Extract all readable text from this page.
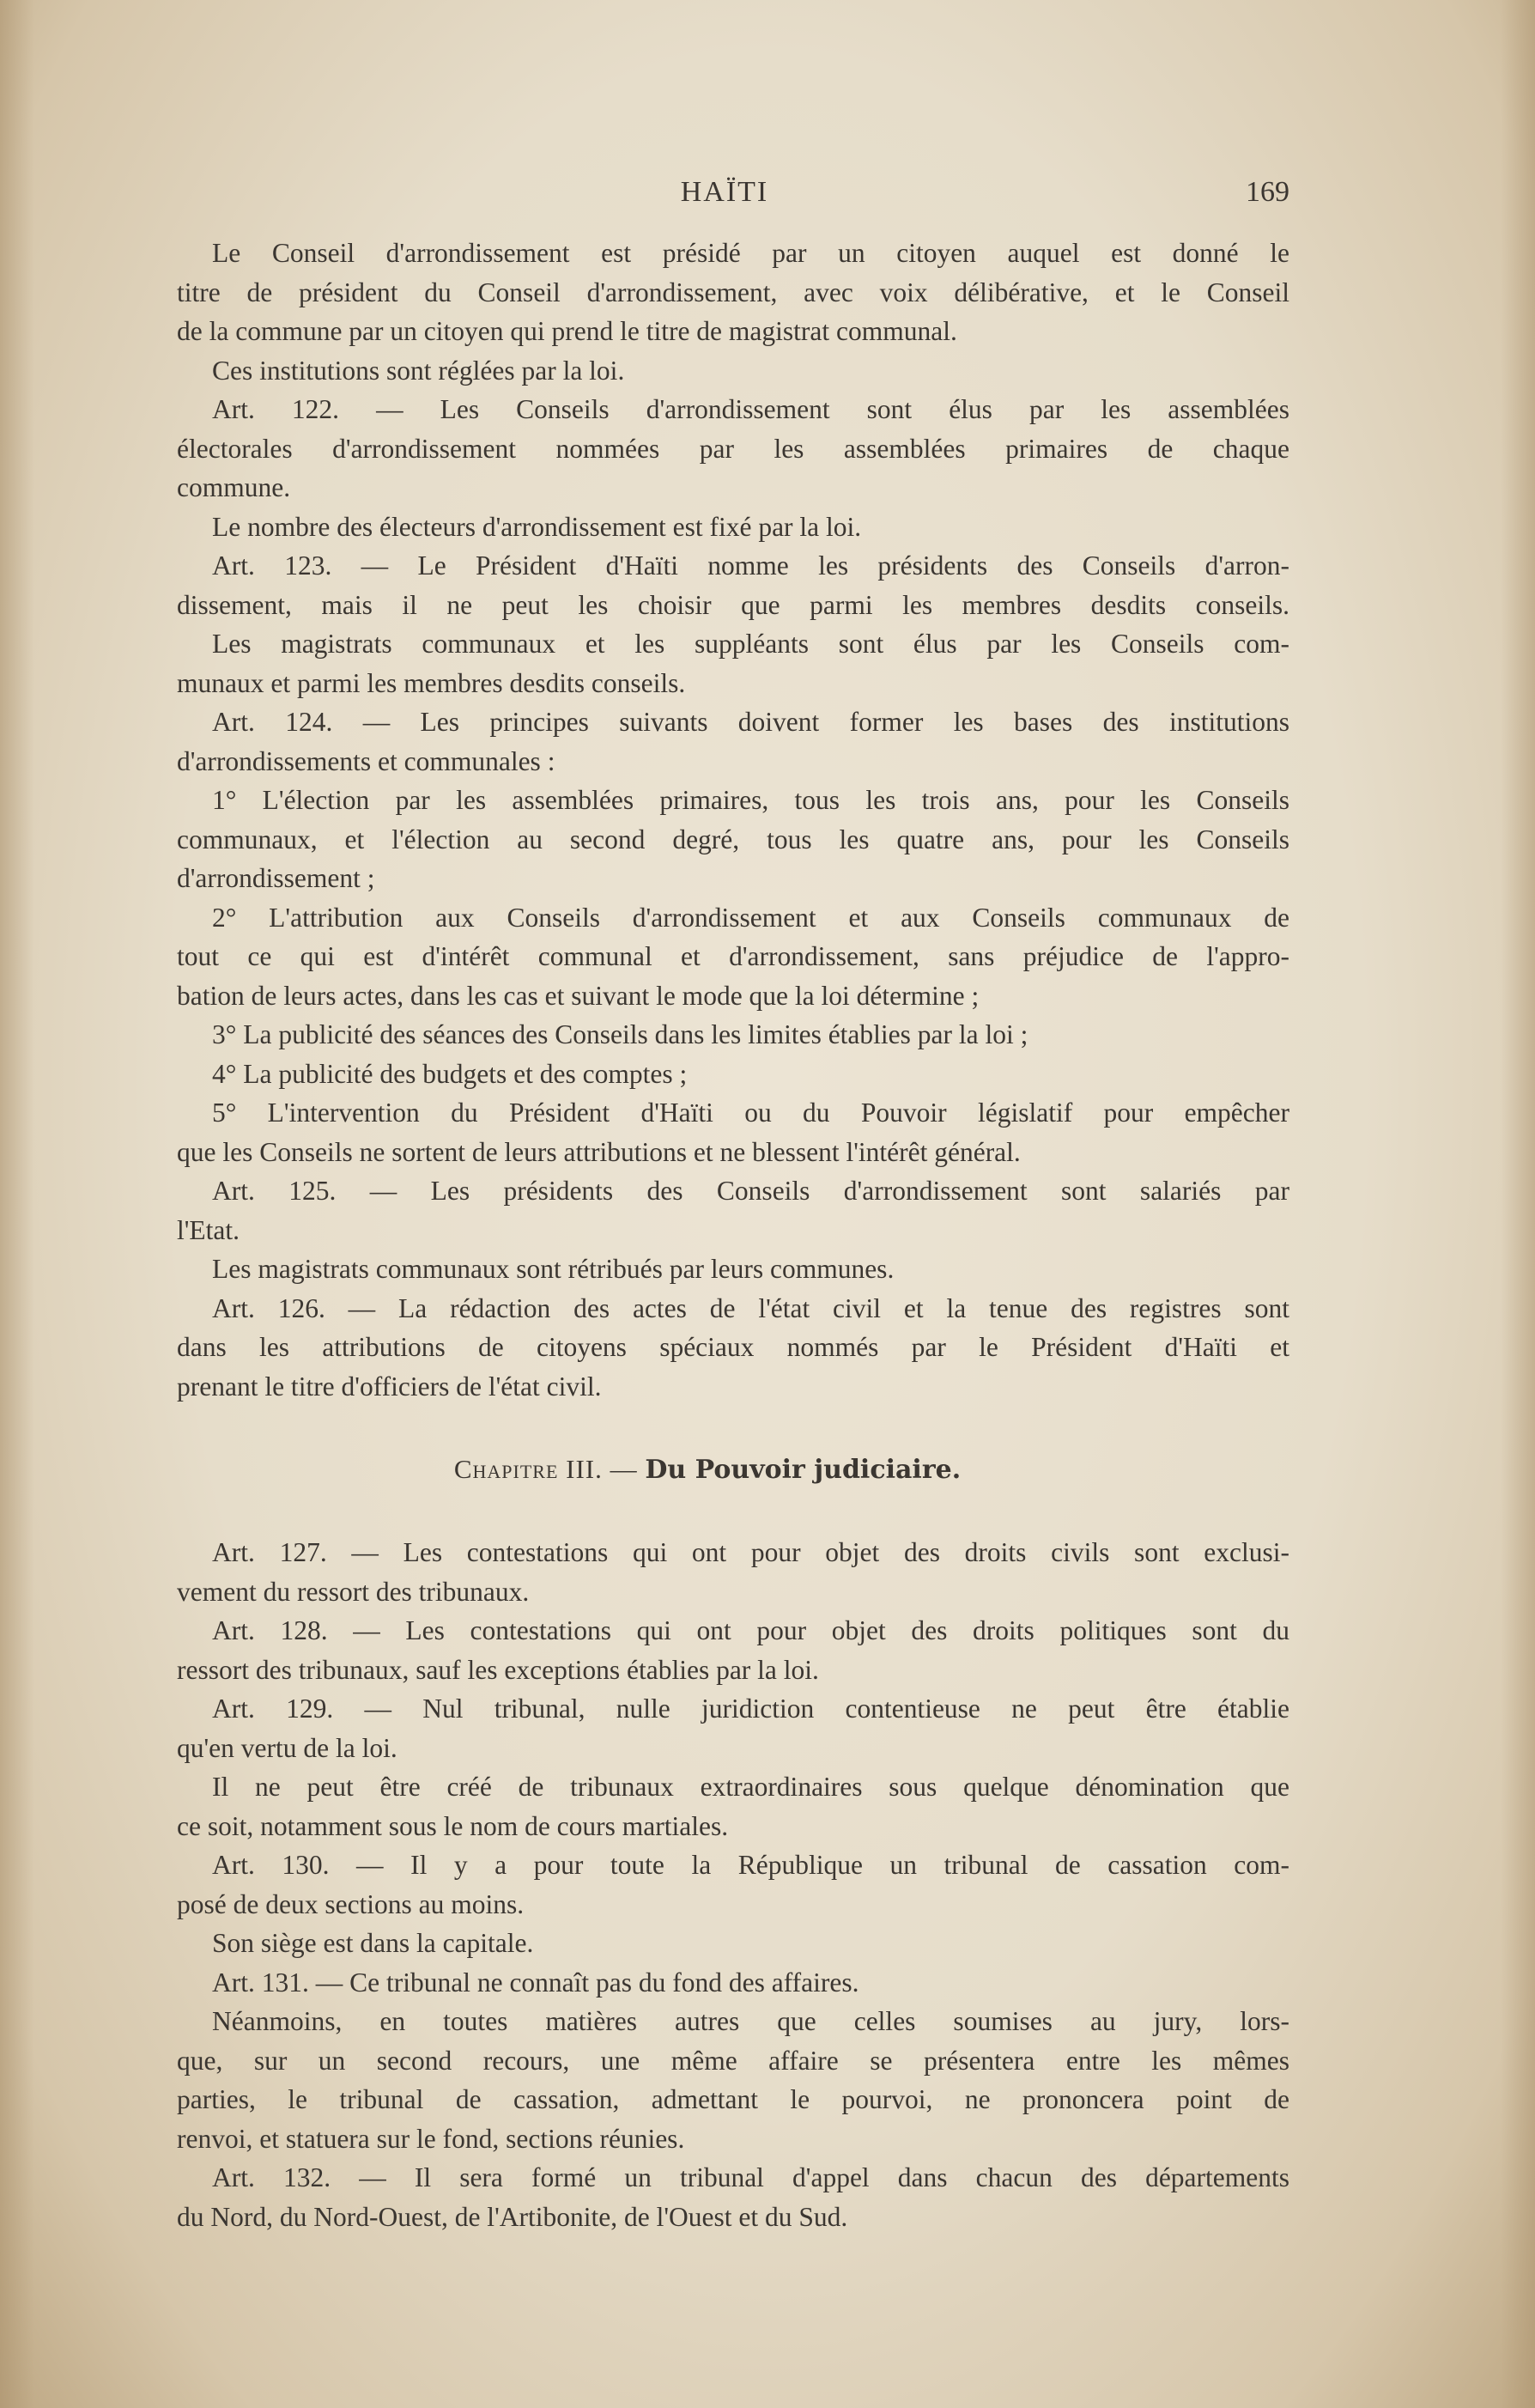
HAÏTI	169
Le Conseil d'arrondissement est présidé par un citoyen auquel est donné le
titre de président du Conseil d'arrondissement, avec voix délibérative, et le Conseil
de la commune par un citoyen qui prend le titre de magistrat communal.
Ces institutions sont réglées par la loi.
Art. 122. — Les Conseils d'arrondissement sont élus par les assemblées
électorales d'arrondissement nommées par les assemblées primaires de chaque
commune.
Le nombre des électeurs d'arrondissement est fixé par la loi.
Art. 123. — Le Président d'Haïti nomme les présidents des Conseils d'arron-
dissement, mais il ne peut les choisir que parmi les membres desdits conseils.
Les magistrats communaux et les suppléants sont élus par les Conseils com-
munaux et parmi les membres desdits conseils.
Art. 124. — Les principes suivants doivent former les bases des institutions
d'arrondissements et communales :
1° L'élection par les assemblées primaires, tous les trois ans, pour les Conseils
communaux, et l'élection au second degré, tous les quatre ans, pour les Conseils
d'arrondissement ;
2° L'attribution aux Conseils d'arrondissement et aux Conseils communaux de
tout ce qui est d'intérêt communal et d'arrondissement, sans préjudice de l'appro-
bation de leurs actes, dans les cas et suivant le mode que la loi détermine ;
3° La publicité des séances des Conseils dans les limites établies par la loi ;
4° La publicité des budgets et des comptes ;
5° L'intervention du Président d'Haïti ou du Pouvoir législatif pour empêcher
que les Conseils ne sortent de leurs attributions et ne blessent l'intérêt général.
Art. 125. — Les présidents des Conseils d'arrondissement sont salariés par
l'Etat.
Les magistrats communaux sont rétribués par leurs communes.
Art. 126. — La rédaction des actes de l'état civil et la tenue des registres sont
dans les attributions de citoyens spéciaux nommés par le Président d'Haïti et
prenant le titre d'officiers de l'état civil.
Chapitre III. — Du Pouvoir judiciaire.
Art. 127. — Les contestations qui ont pour objet des droits civils sont exclusi-
vement du ressort des tribunaux.
Art. 128. — Les contestations qui ont pour objet des droits politiques sont du
ressort des tribunaux, sauf les exceptions établies par la loi.
Art. 129. — Nul tribunal, nulle juridiction contentieuse ne peut être établie
qu'en vertu de la loi.
Il ne peut être créé de tribunaux extraordinaires sous quelque dénomination que
ce soit, notamment sous le nom de cours martiales.
Art. 130. — Il y a pour toute la République un tribunal de cassation com-
posé de deux sections au moins.
Son siège est dans la capitale.
Art. 131. — Ce tribunal ne connaît pas du fond des affaires.
Néanmoins, en toutes matières autres que celles soumises au jury, lors-
que, sur un second recours, une même affaire se présentera entre les mêmes
parties, le tribunal de cassation, admettant le pourvoi, ne prononcera point de
renvoi, et statuera sur le fond, sections réunies.
Art. 132. — Il sera formé un tribunal d'appel dans chacun des départements
du Nord, du Nord-Ouest, de l'Artibonite, de l'Ouest et du Sud.
